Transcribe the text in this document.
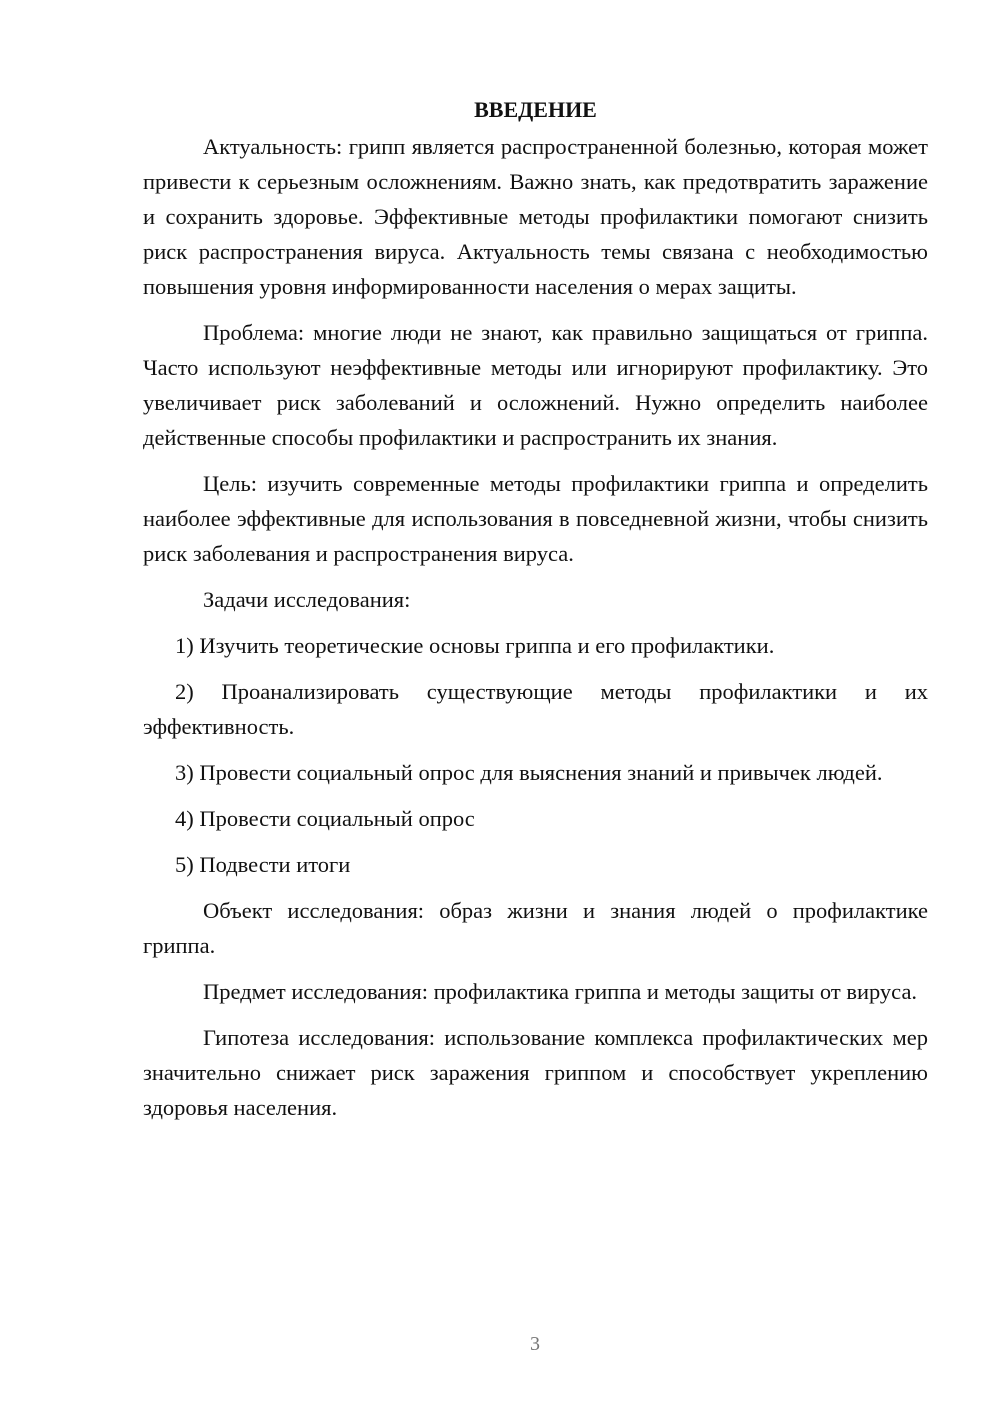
ВВЕДЕНИЕ

Актуальность: грипп является распространенной болезнью, которая может привести к серьезным осложнениям. Важно знать, как предотвратить заражение и сохранить здоровье. Эффективные методы профилактики помогают снизить риск распространения вируса. Актуальность темы связана с необходимостью повышения уровня информированности населения о мерах защиты.

Проблема: многие люди не знают, как правильно защищаться от гриппа. Часто используют неэффективные методы или игнорируют профилактику. Это увеличивает риск заболеваний и осложнений. Нужно определить наиболее действенные способы профилактики и распространить их знания.

Цель: изучить современные методы профилактики гриппа и определить наиболее эффективные для использования в повседневной жизни, чтобы снизить риск заболевания и распространения вируса.

Задачи исследования:

1) Изучить теоретические основы гриппа и его профилактики.

2) Проанализировать существующие методы профилактики и их эффективность.

3) Провести социальный опрос для выяснения знаний и привычек людей.

4) Провести социальный опрос

5) Подвести итоги

Объект исследования: образ жизни и знания людей о профилактике гриппа.

Предмет исследования: профилактика гриппа и методы защиты от вируса.

Гипотеза исследования: использование комплекса профилактических мер значительно снижает риск заражения гриппом и способствует укреплению здоровья населения.

3
